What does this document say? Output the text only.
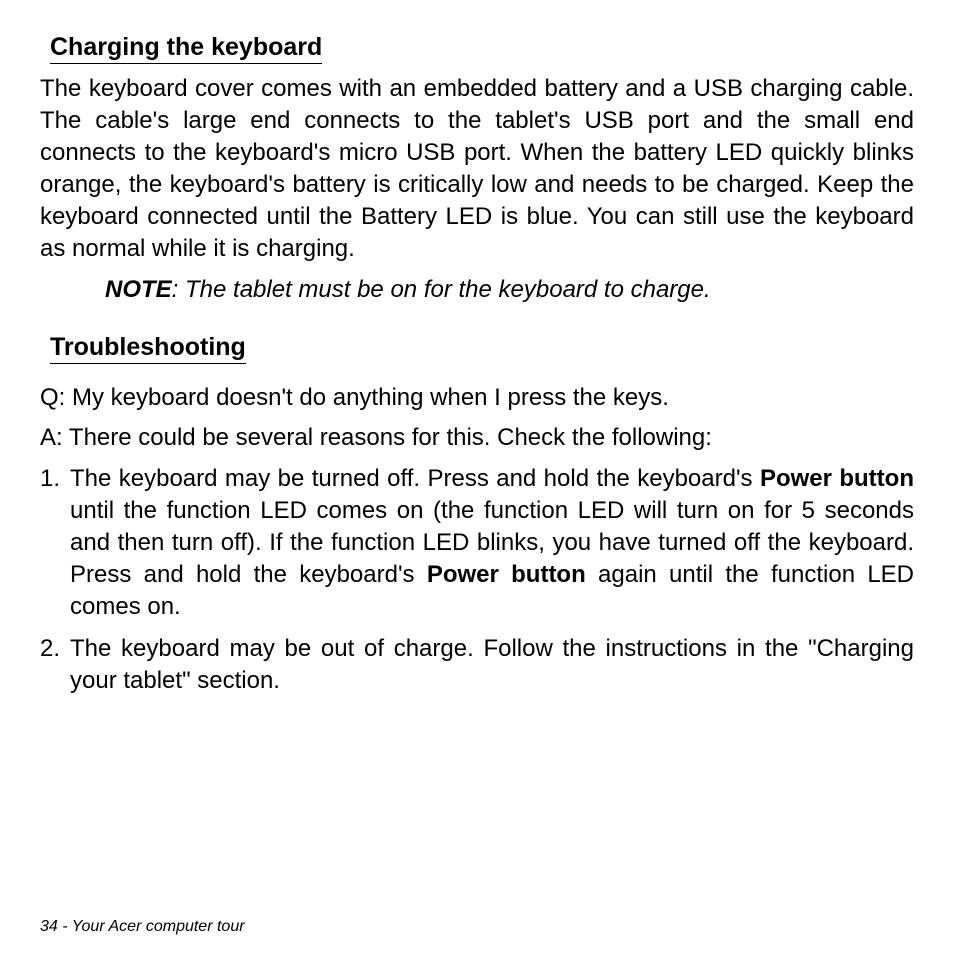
Charging the keyboard

The keyboard cover comes with an embedded battery and a USB charging cable. The cable's large end connects to the tablet's USB port and the small end connects to the keyboard's micro USB port. When the battery LED quickly blinks orange, the keyboard's battery is critically low and needs to be charged. Keep the keyboard connected until the Battery LED is blue. You can still use the keyboard as normal while it is charging.

NOTE: The tablet must be on for the keyboard to charge.

Troubleshooting

Q: My keyboard doesn't do anything when I press the keys.

A: There could be several reasons for this. Check the following:

1. The keyboard may be turned off. Press and hold the keyboard's Power button until the function LED comes on (the function LED will turn on for 5 seconds and then turn off). If the function LED blinks, you have turned off the keyboard. Press and hold the keyboard's Power button again until the function LED comes on.
2. The keyboard may be out of charge. Follow the instructions in the "Charging your tablet" section.
34 - Your Acer computer tour
